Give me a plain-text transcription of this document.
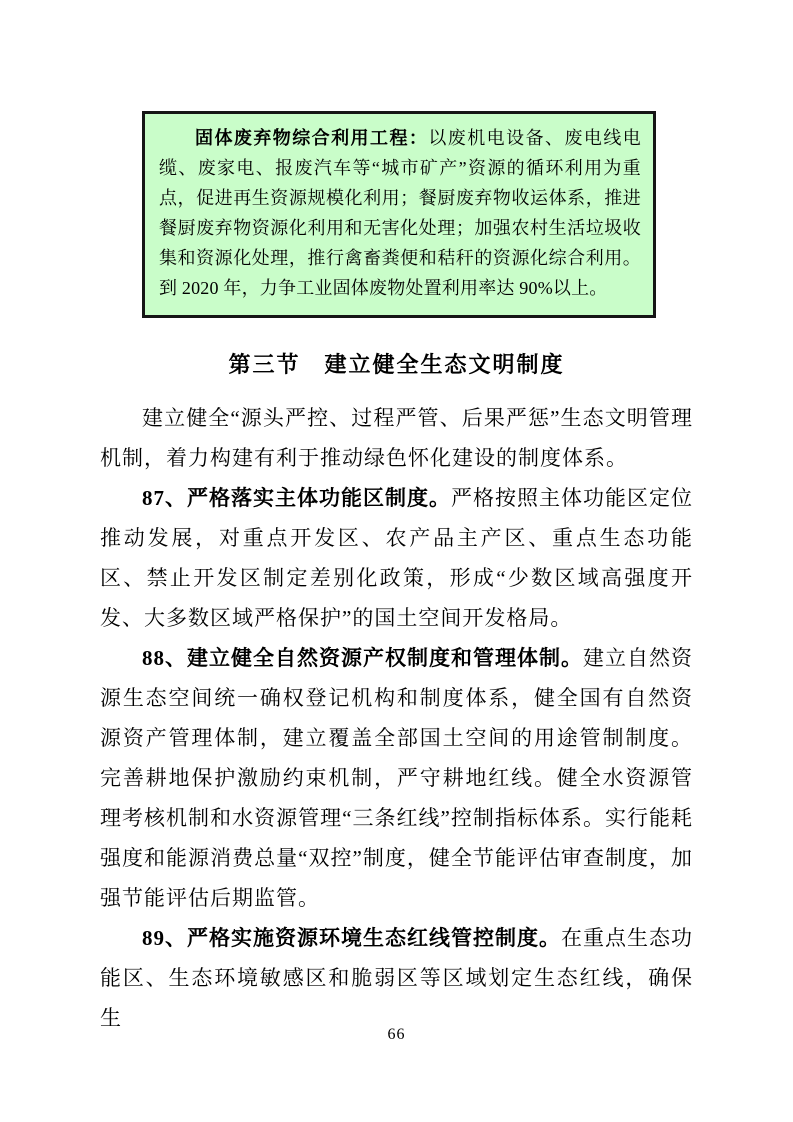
固体废弃物综合利用工程：以废机电设备、废电线电缆、废家电、报废汽车等“城市矿产”资源的循环利用为重点，促进再生资源规模化利用；餐厨废弃物收运体系，推进餐厨废弃物资源化利用和无害化处理；加强农村生活垃圾收集和资源化处理，推行禽畜粪便和秸秆的资源化综合利用。到 2020 年，力争工业固体废物处置利用率达 90%以上。

第三节　建立健全生态文明制度

建立健全“源头严控、过程严管、后果严惩”生态文明管理机制，着力构建有利于推动绿色怀化建设的制度体系。

87、严格落实主体功能区制度。严格按照主体功能区定位推动发展，对重点开发区、农产品主产区、重点生态功能区、禁止开发区制定差别化政策，形成“少数区域高强度开发、大多数区域严格保护”的国土空间开发格局。

88、建立健全自然资源产权制度和管理体制。建立自然资源生态空间统一确权登记机构和制度体系，健全国有自然资源资产管理体制，建立覆盖全部国土空间的用途管制制度。完善耕地保护激励约束机制，严守耕地红线。健全水资源管理考核机制和水资源管理“三条红线”控制指标体系。实行能耗强度和能源消费总量“双控”制度，健全节能评估审查制度，加强节能评估后期监管。

89、严格实施资源环境生态红线管控制度。在重点生态功能区、生态环境敏感区和脆弱区等区域划定生态红线，确保生

66
